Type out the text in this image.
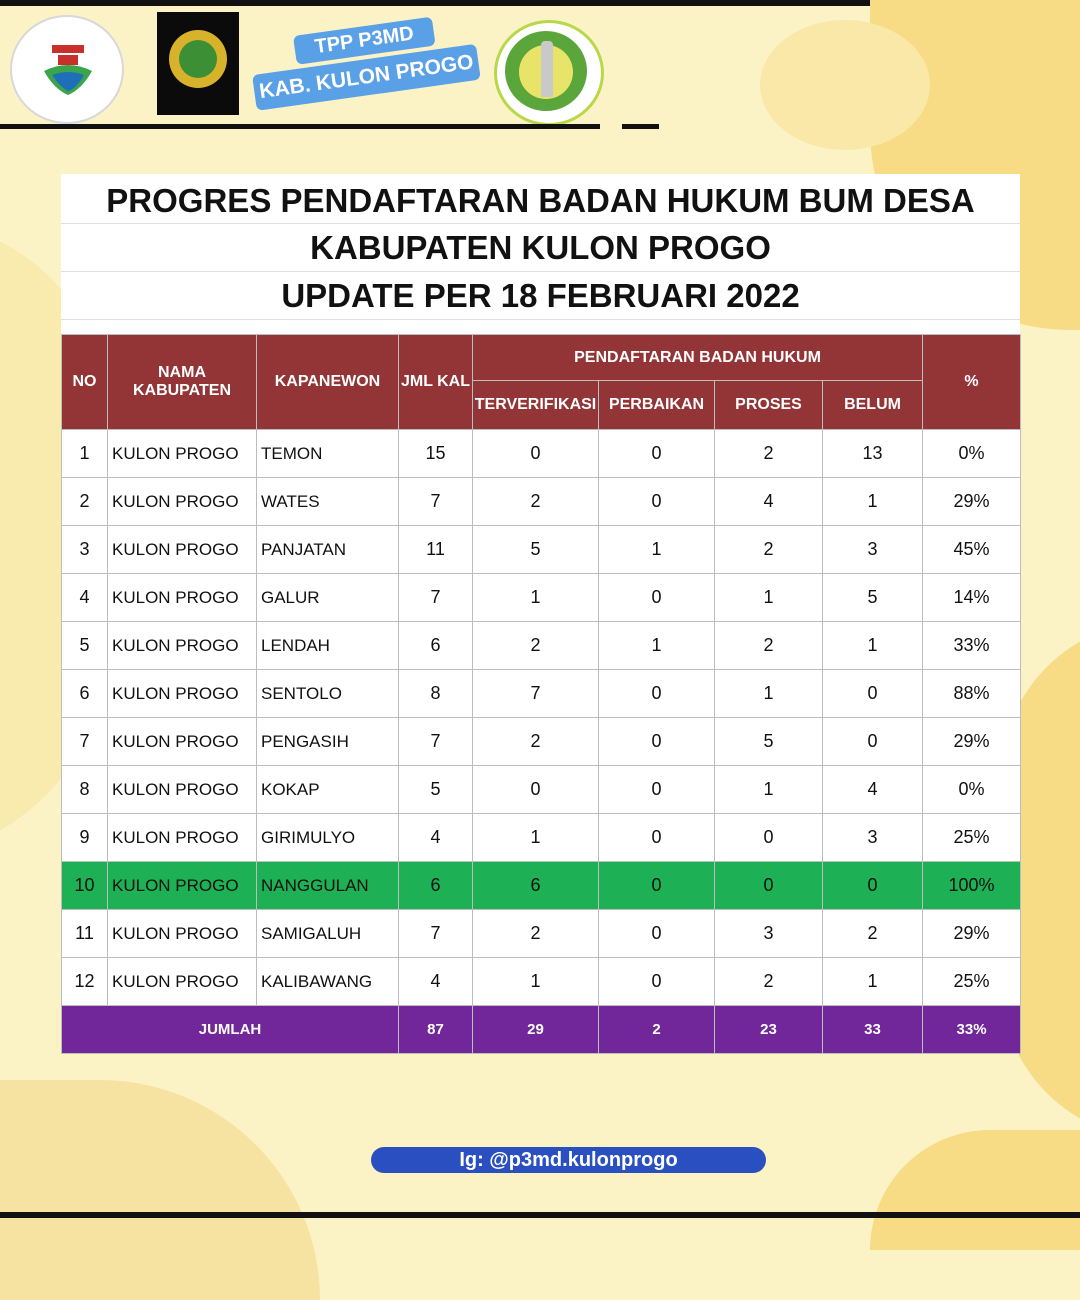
TPP P3MD
KAB. KULON PROGO
PROGRES PENDAFTARAN BADAN HUKUM BUM DESA
KABUPATEN KULON PROGO
UPDATE PER 18 FEBRUARI 2022
NO	NAMA KABUPATEN	KAPANEWON	JML KAL	PENDAFTARAN BADAN HUKUM				%
				TERVERIFIKASI	PERBAIKAN	PROSES	BELUM	
1	KULON PROGO	TEMON	15	0	0	2	13	0%
2	KULON PROGO	WATES	7	2	0	4	1	29%
3	KULON PROGO	PANJATAN	11	5	1	2	3	45%
4	KULON PROGO	GALUR	7	1	0	1	5	14%
5	KULON PROGO	LENDAH	6	2	1	2	1	33%
6	KULON PROGO	SENTOLO	8	7	0	1	0	88%
7	KULON PROGO	PENGASIH	7	2	0	5	0	29%
8	KULON PROGO	KOKAP	5	0	0	1	4	0%
9	KULON PROGO	GIRIMULYO	4	1	0	0	3	25%
10	KULON PROGO	NANGGULAN	6	6	0	0	0	100%
11	KULON PROGO	SAMIGALUH	7	2	0	3	2	29%
12	KULON PROGO	KALIBAWANG	4	1	0	2	1	25%
JUMLAH			87	29	2	23	33	33%
Ig: @p3md.kulonprogo
